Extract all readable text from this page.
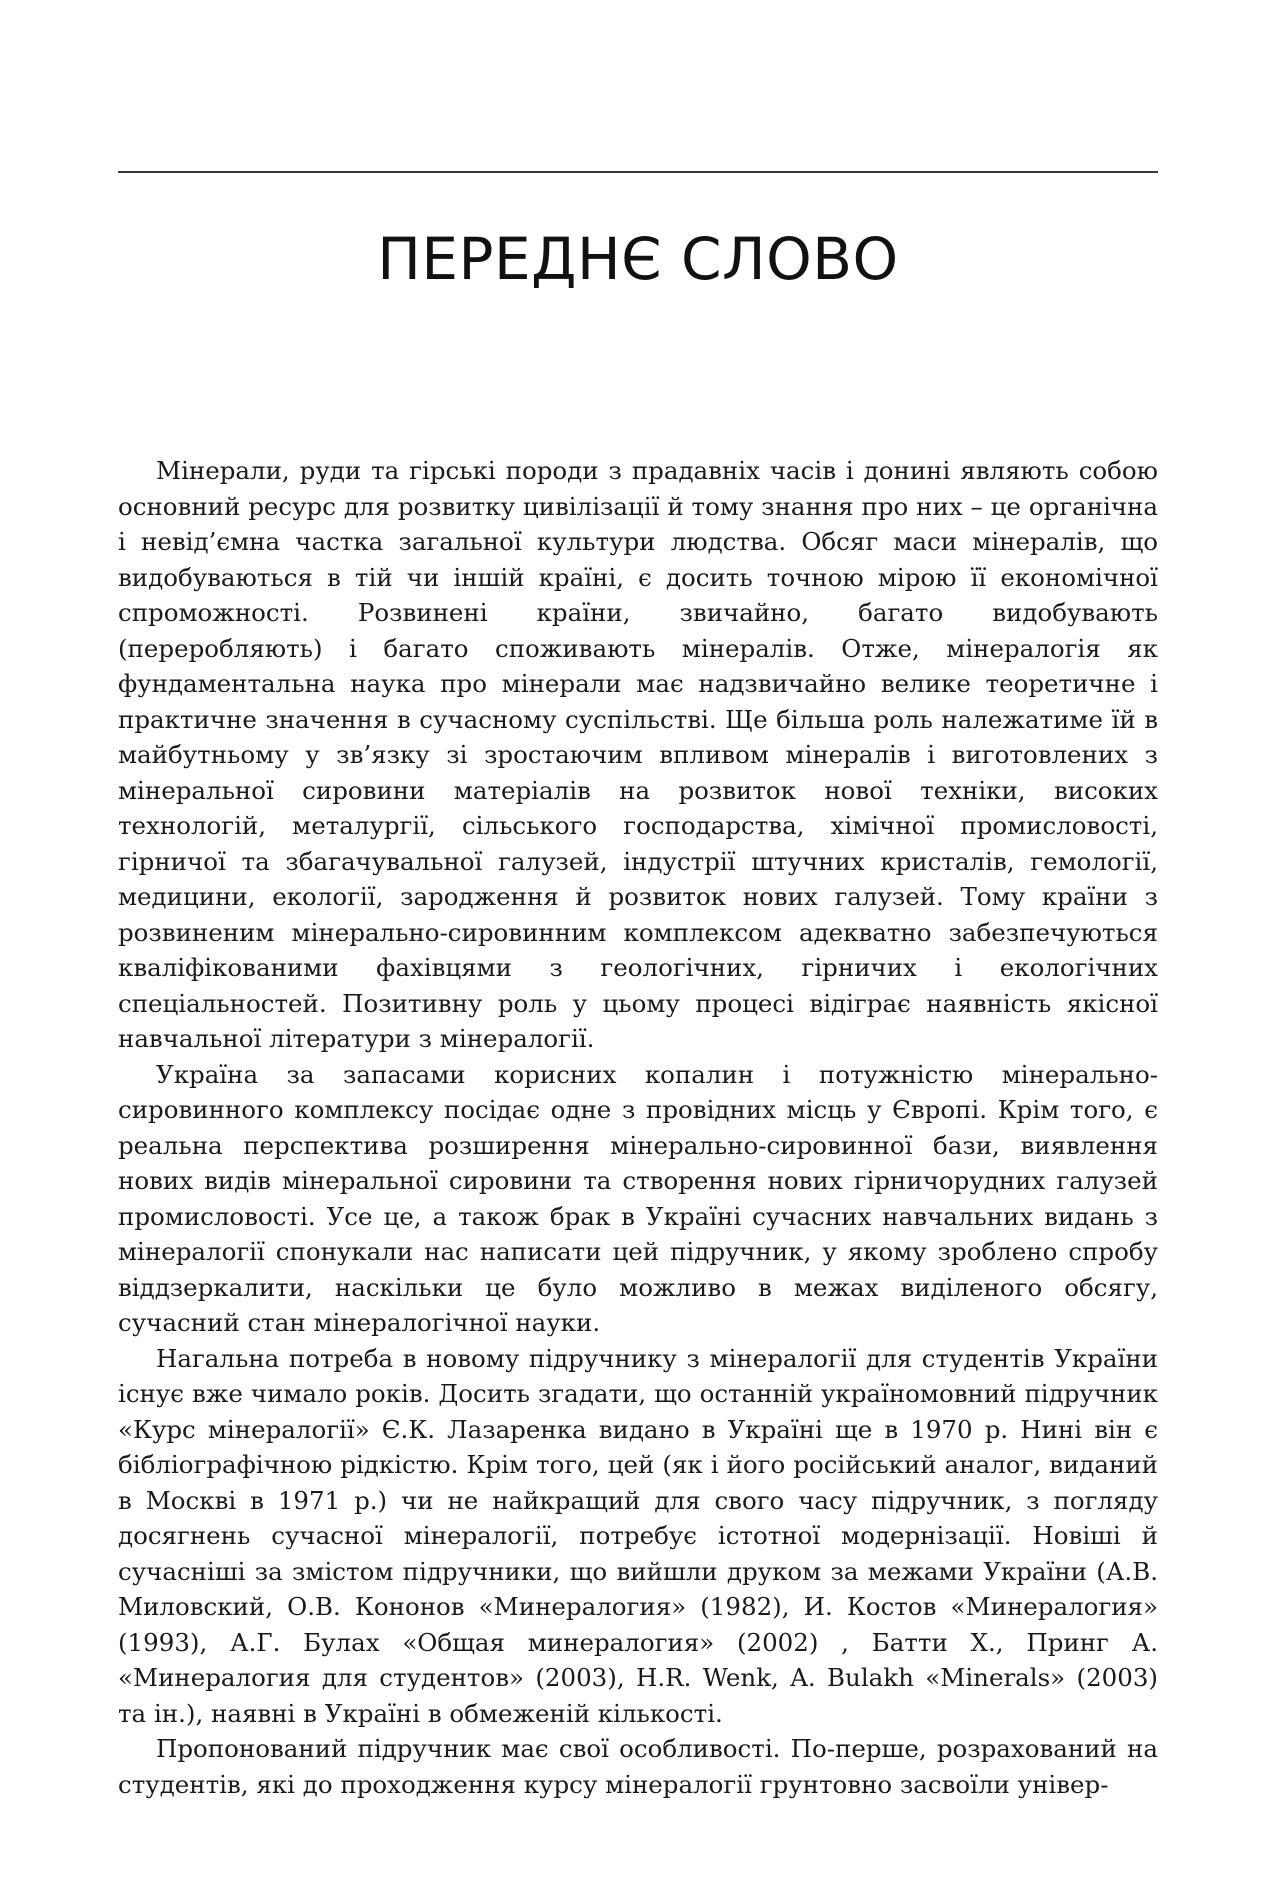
ПЕРЕДНЄ СЛОВО

Мінерали, руди та гірські породи з прадавніх часів і донині являють собою основний ресурс для розвитку цивілізації й тому знання про них – це органічна і невід’ємна частка загальної культури людства. Обсяг маси мінералів, що видобуваються в тій чи іншій країні, є досить точною мірою її економічної спроможності. Розвинені країни, звичайно, багато видобувають (переробляють) і багато споживають мінералів. Отже, мінералогія як фундаментальна наука про мінерали має надзвичайно велике теоретичне і практичне значення в сучасному суспільстві. Ще більша роль належатиме їй в майбутньому у зв’язку зі зростаючим впливом мінералів і виготовлених з мінеральної сировини матеріалів на розвиток нової техніки, високих технологій, металургії, сільського господарства, хімічної промисловості, гірничої та збагачувальної галузей, індустрії штучних кристалів, гемології, медицини, екології, зародження й розвиток нових галузей. Тому країни з розвиненим мінерально-сировинним комплексом адекватно забезпечуються кваліфікованими фахівцями з геологічних, гірничих і екологічних спеціальностей. Позитивну роль у цьому процесі відіграє наявність якісної навчальної літератури з мінералогії.

Україна за запасами корисних копалин і потужністю мінерально-сировинного комплексу посідає одне з провідних місць у Європі. Крім того, є реальна перспектива розширення мінерально-сировинної бази, виявлення нових видів мінеральної сировини та створення нових гірничорудних галузей промисловості. Усе це, а також брак в Україні сучасних навчальних видань з мінералогії спонукали нас написати цей підручник, у якому зроблено спробу віддзеркалити, наскільки це було можливо в межах виділеного обсягу, сучасний стан мінералогічної науки.

Нагальна потреба в новому підручнику з мінералогії для студентів України існує вже чимало років. Досить згадати, що останній україномовний підручник «Курс мінералогії» Є.К. Лазаренка видано в Україні ще в 1970 р. Нині він є бібліографічною рідкістю. Крім того, цей (як і його російський аналог, виданий в Москві в 1971 р.) чи не найкращий для свого часу підручник, з погляду досягнень сучасної мінералогії, потребує істотної модернізації. Новіші й сучасніші за змістом підручники, що вийшли друком за межами України (А.В. Миловский, О.В. Кононов «Минералогия» (1982), И. Костов «Минералогия» (1993), А.Г. Булах «Общая минералогия» (2002) , Батти Х., Принг А. «Минералогия для студентов» (2003), H.R. Wenk, A. Bulakh «Minerals» (2003) та ін.), наявні в Україні в обмеженій кількості.

Пропонований підручник має свої особливості. По-перше, розрахований на студентів, які до проходження курсу мінералогії грунтовно засвоїли універ-
